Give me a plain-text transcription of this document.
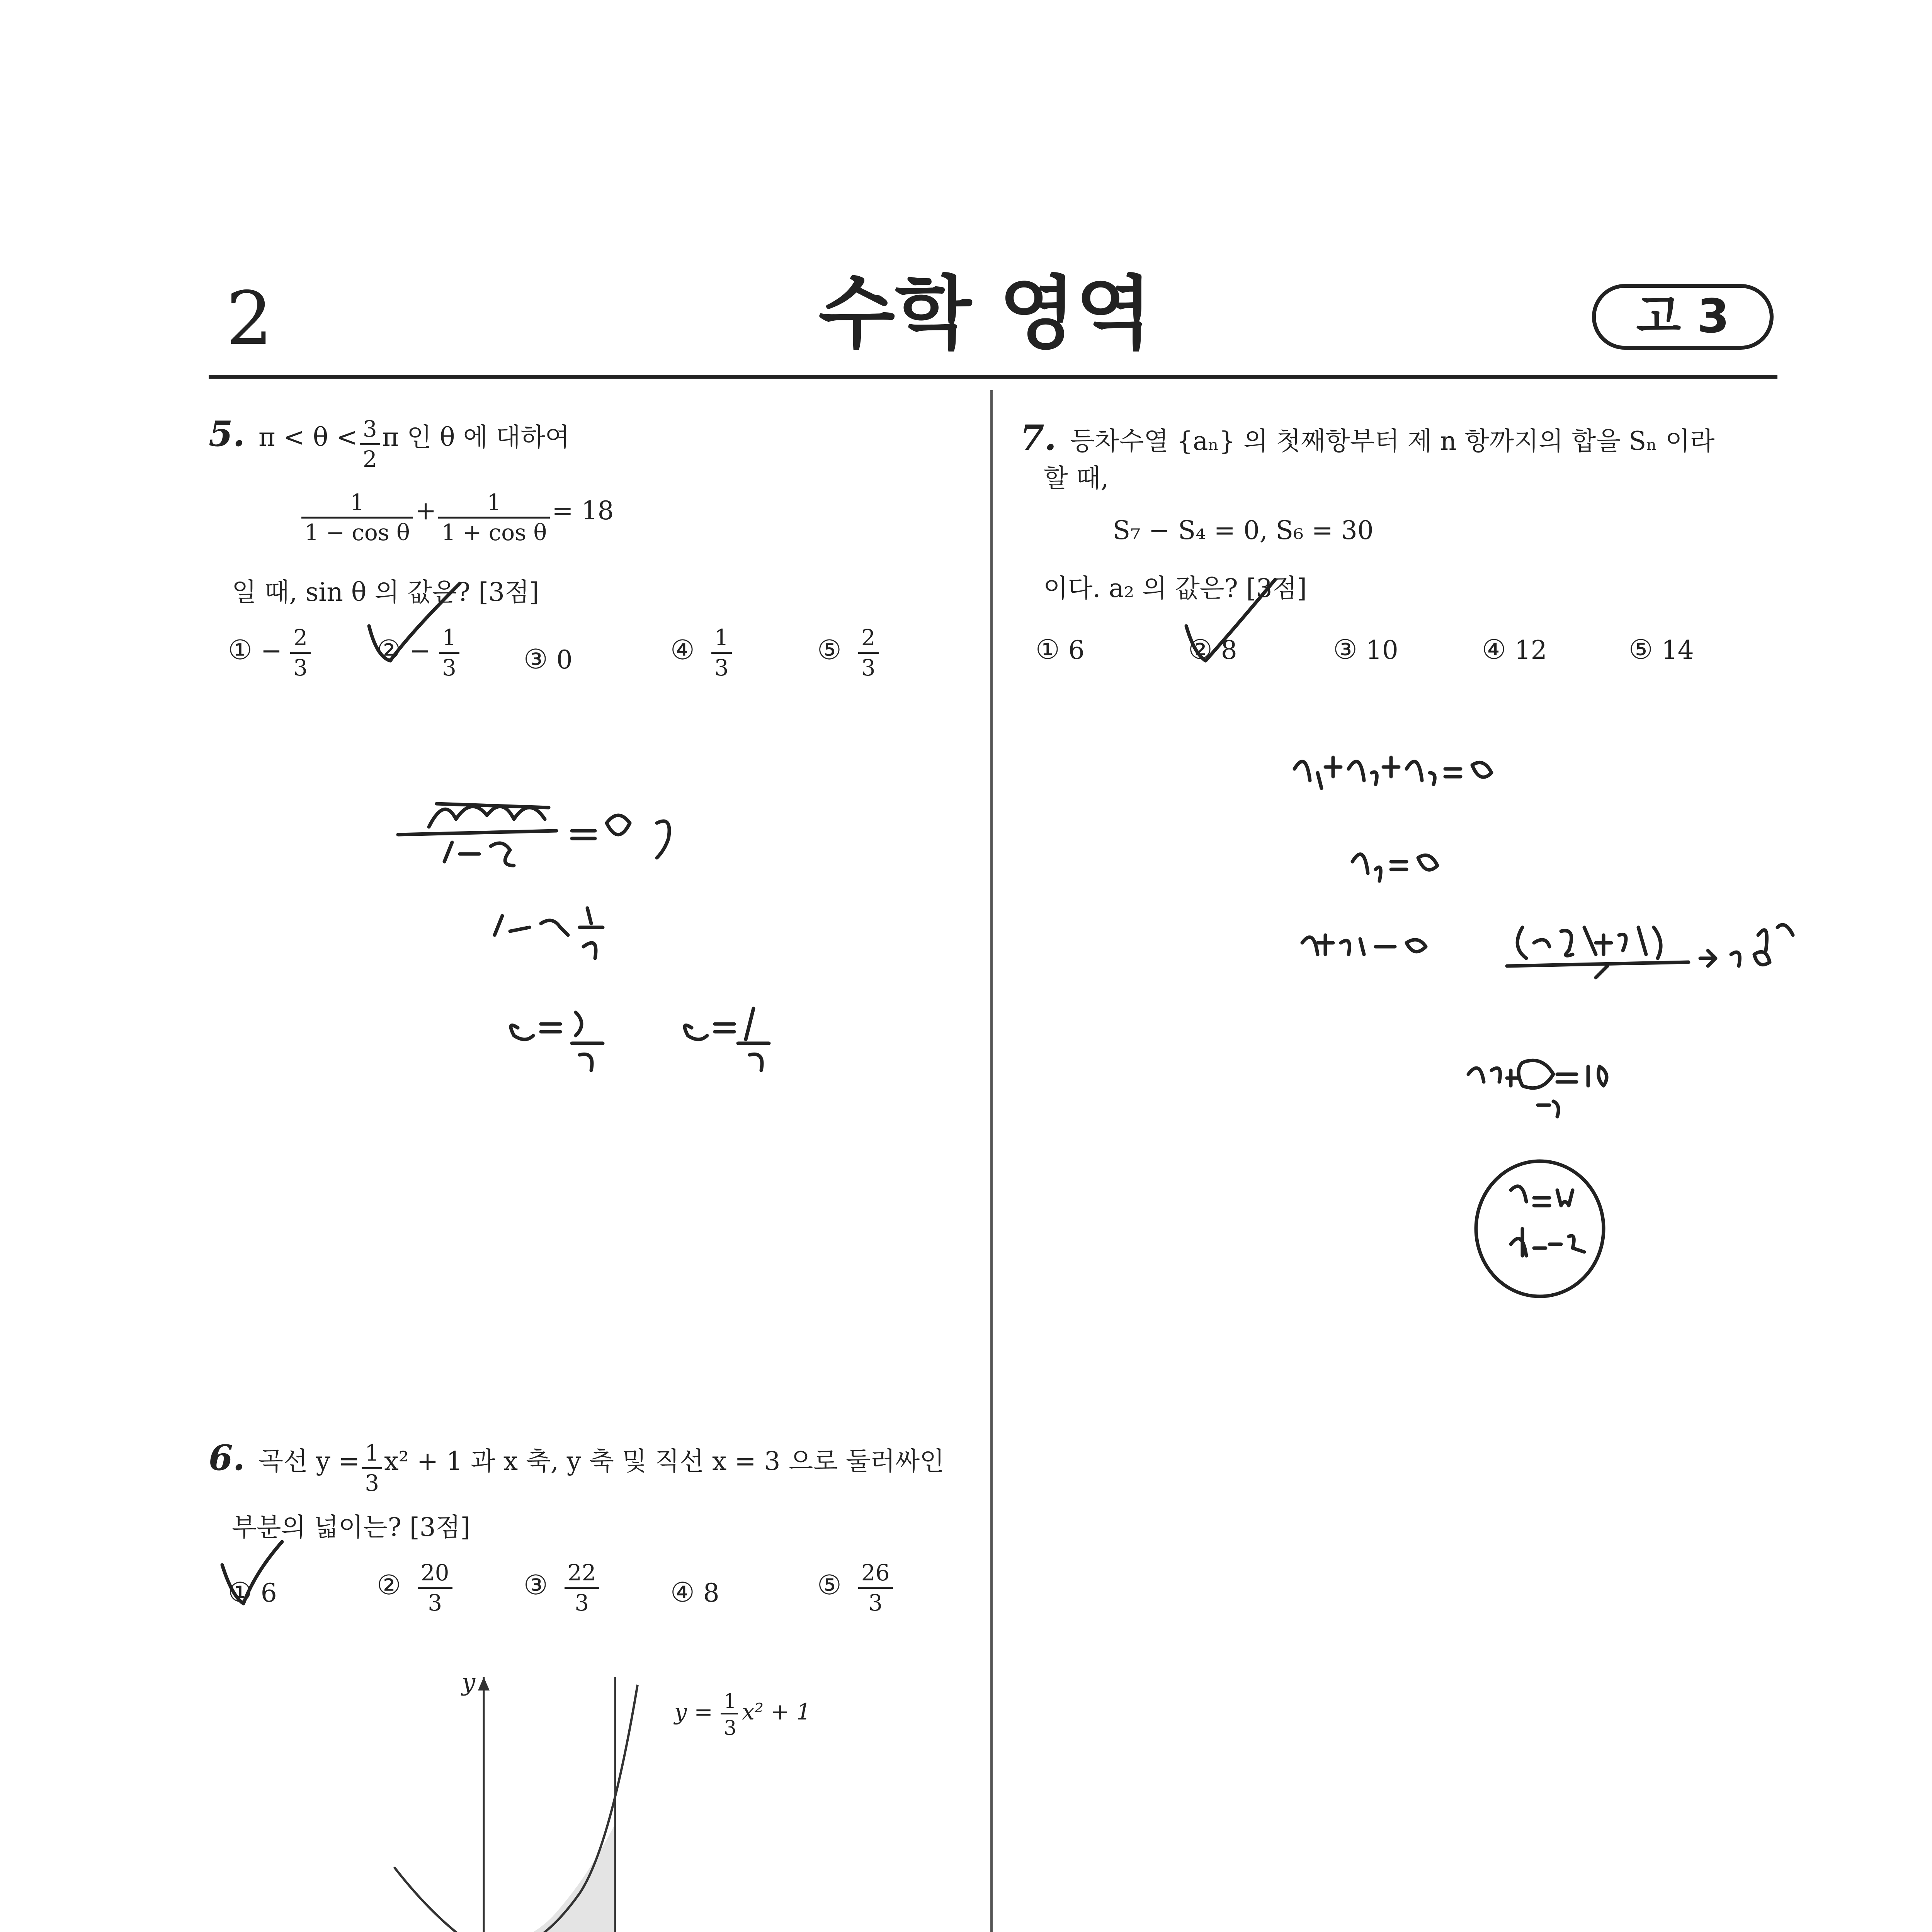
2	수학 영역	고 3
5. $\pi < \theta < \frac{3}{2}$ π 인 θ 에 대하여
$\frac{1}{\text{1 − cos θ}} + \frac{1}{\text{1 + cos θ}} = 18$
일 때, sin θ 의 값은? [3점]
① − $\frac{2}{3}$ ② − $\frac{1}{3}$ ③ 0	④ $\frac{1}{3}$	⑤ $\frac{2}{3}$
6. 곡선 $y = \frac{1}{3} x^2 + 1$ 과 x 축, y 축 및 직선 x = 3 으로 둘러싸인
부분의 넓이는? [3점]
① 6	② $\frac{20}{3}$	③ $\frac{22}{3}$	④ 8	⑤ $\frac{26}{3}$
y
y = 1
3
x² + 1
7. 등차수열 {aₙ} 의 첫째항부터 제 n 항까지의 합을 Sₙ 이라
할 때,
S₇ − S₄ = 0, S₆ = 30
이다. a₂ 의 값은? [3점]
① 6	② 8	③ 10	④ 12	⑤ 14
